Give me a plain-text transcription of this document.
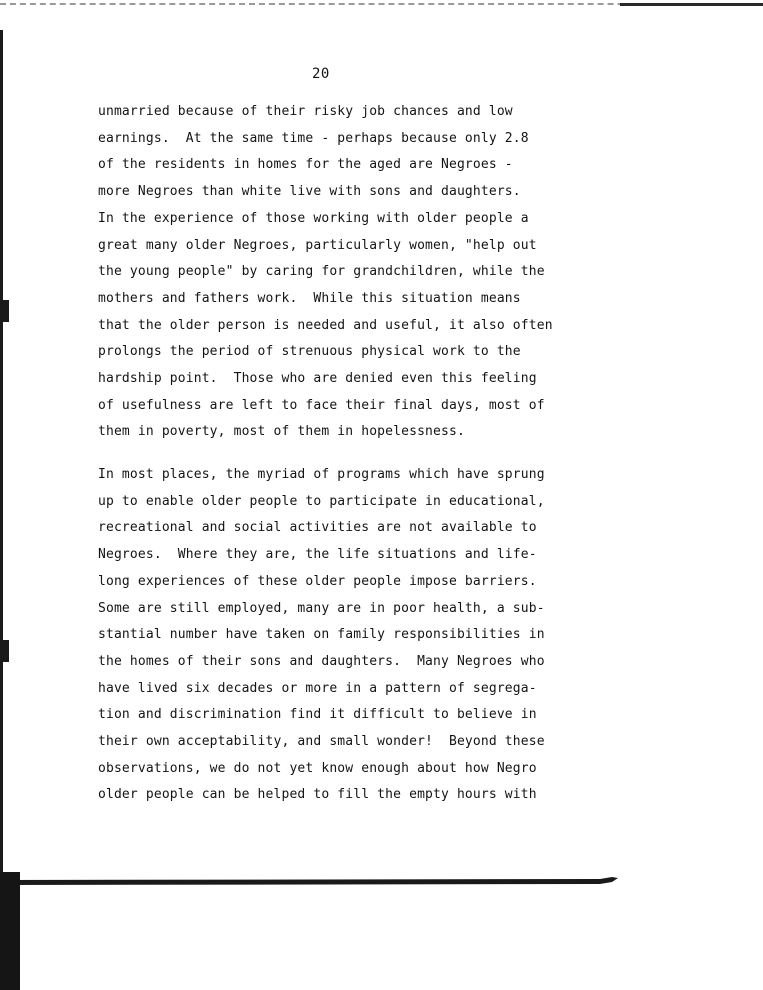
20
unmarried because of their risky job chances and low
earnings.  At the same time - perhaps because only 2.8
of the residents in homes for the aged are Negroes -
more Negroes than white live with sons and daughters.
In the experience of those working with older people a
great many older Negroes, particularly women, "help out
the young people" by caring for grandchildren, while the
mothers and fathers work.  While this situation means
that the older person is needed and useful, it also often
prolongs the period of strenuous physical work to the
hardship point.  Those who are denied even this feeling
of usefulness are left to face their final days, most of
them in poverty, most of them in hopelessness.
In most places, the myriad of programs which have sprung
up to enable older people to participate in educational,
recreational and social activities are not available to
Negroes.  Where they are, the life situations and life-
long experiences of these older people impose barriers.
Some are still employed, many are in poor health, a sub-
stantial number have taken on family responsibilities in
the homes of their sons and daughters.  Many Negroes who
have lived six decades or more in a pattern of segrega-
tion and discrimination find it difficult to believe in
their own acceptability, and small wonder!  Beyond these
observations, we do not yet know enough about how Negro
older people can be helped to fill the empty hours with
